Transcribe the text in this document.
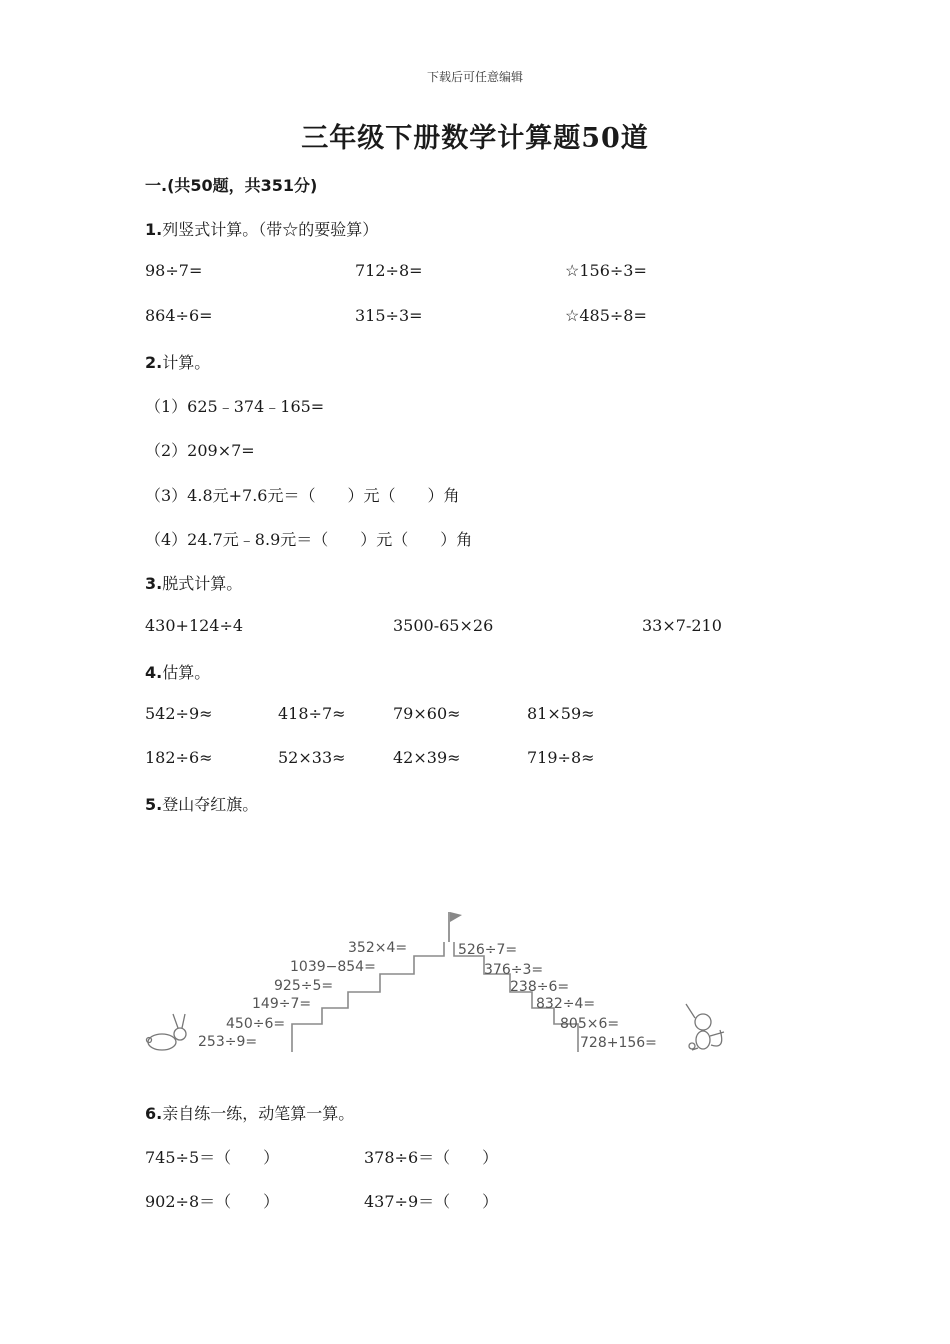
下载后可任意编辑
三年级下册数学计算题50道
一.(共50题，共351分)
1.列竖式计算。（带☆的要验算）
98÷7=	712÷8=	☆156÷3=
864÷6=	315÷3=	☆485÷8=
2.计算。
（1）625﹣374﹣165=
（2）209×7=
（3）4.8元+7.6元＝（　　）元（　　）角
（4）24.7元﹣8.9元＝（　　）元（　　）角
3.脱式计算。
430+124÷4	3500-65×26	33×7-210
4.估算。
542÷9≈	418÷7≈	79×60≈	81×59≈
182÷6≈	52×33≈	42×39≈	719÷8≈
5.登山夺红旗。
253÷9=
450÷6=
149÷7=
925÷5=
1039−854=
352×4=	526÷7=
376÷3=
238÷6=
832÷4=
805×6=
728+156=
6.亲自练一练，动笔算一算。
745÷5＝（　　）	378÷6＝（　　）
902÷8＝（　　）	437÷9＝（　　）
